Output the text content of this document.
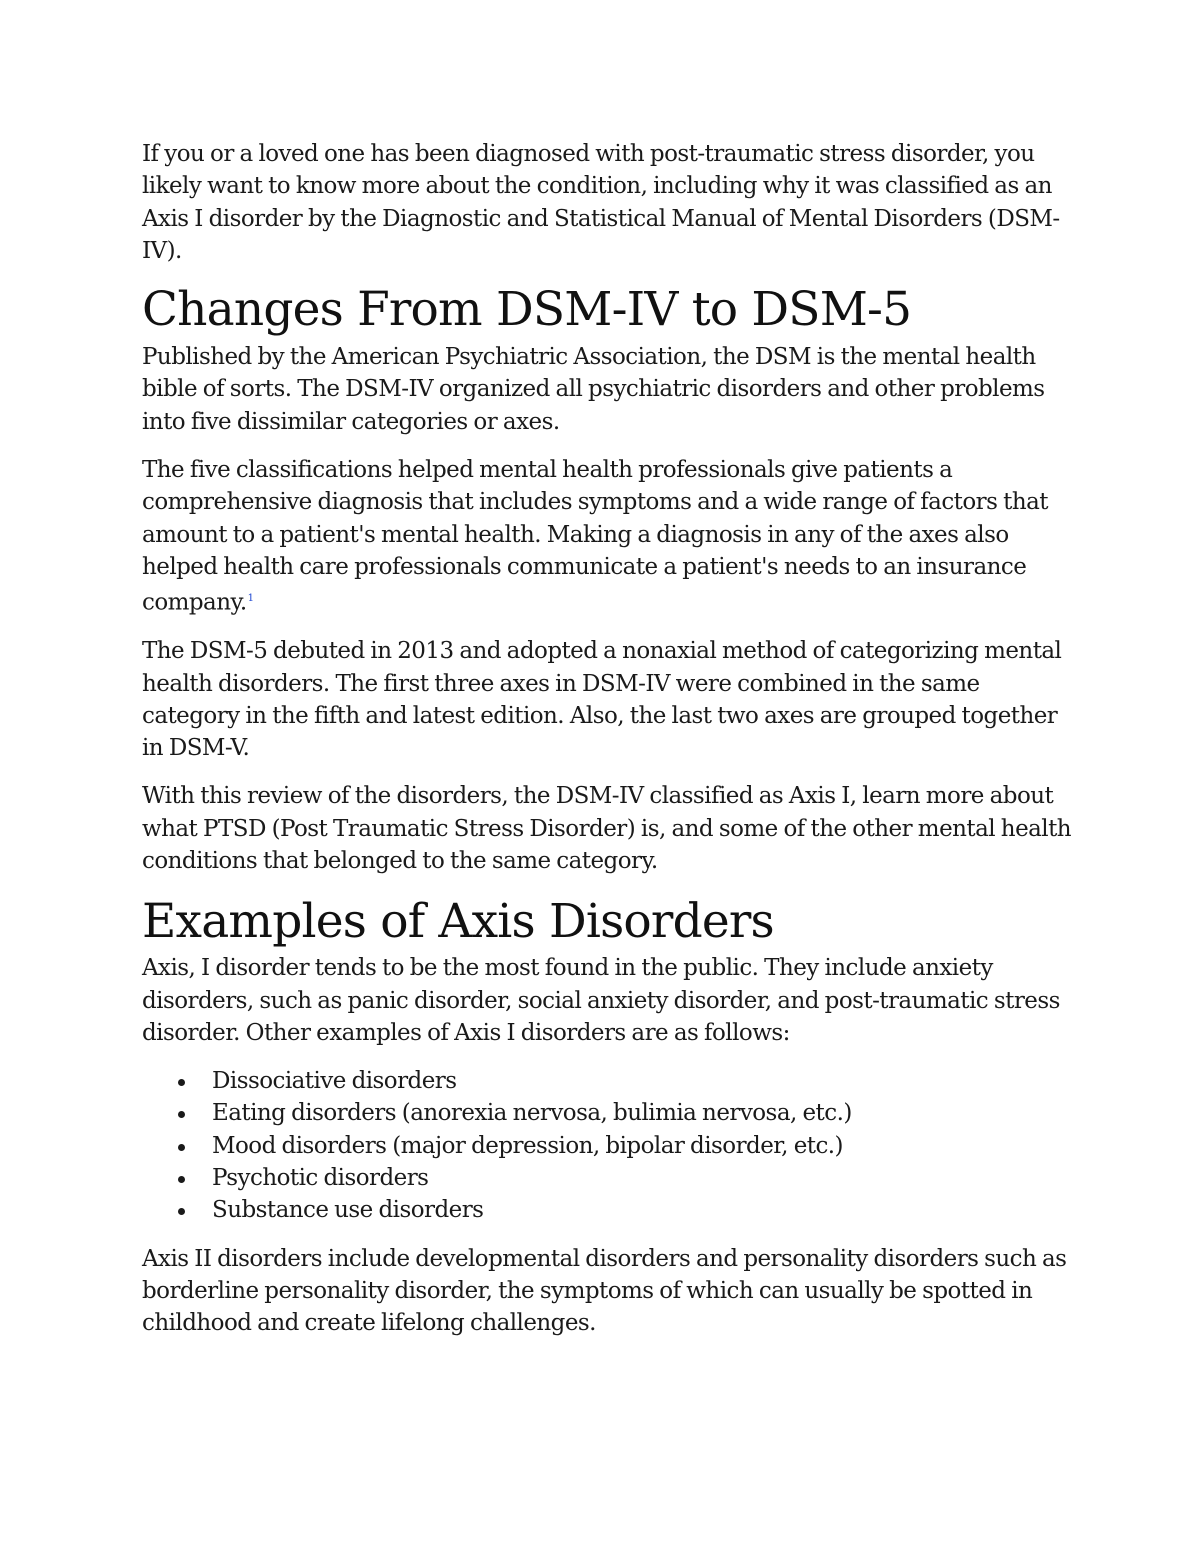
If you or a loved one has been diagnosed with post-traumatic stress disorder, you likely want to know more about the condition, including why it was classified as an Axis I disorder by the Diagnostic and Statistical Manual of Mental Disorders (DSM-IV).

Changes From DSM-IV to DSM-5

Published by the American Psychiatric Association, the DSM is the mental health bible of sorts. The DSM-IV organized all psychiatric disorders and other problems into five dissimilar categories or axes.

The five classifications helped mental health professionals give patients a comprehensive diagnosis that includes symptoms and a wide range of factors that amount to a patient's mental health. Making a diagnosis in any of the axes also helped health care professionals communicate a patient's needs to an insurance company.$^1$

The DSM-5 debuted in 2013 and adopted a nonaxial method of categorizing mental health disorders. The first three axes in DSM-IV were combined in the same category in the fifth and latest edition. Also, the last two axes are grouped together in DSM-V.

With this review of the disorders, the DSM-IV classified as Axis I, learn more about what PTSD (Post Traumatic Stress Disorder) is, and some of the other mental health conditions that belonged to the same category.

Examples of Axis Disorders

Axis, I disorder tends to be the most found in the public. They include anxiety disorders, such as panic disorder, social anxiety disorder, and post-traumatic stress disorder. Other examples of Axis I disorders are as follows:

Dissociative disorders
Eating disorders (anorexia nervosa, bulimia nervosa, etc.)
Mood disorders (major depression, bipolar disorder, etc.)
Psychotic disorders
Substance use disorders

Axis II disorders include developmental disorders and personality disorders such as borderline personality disorder, the symptoms of which can usually be spotted in childhood and create lifelong challenges.
